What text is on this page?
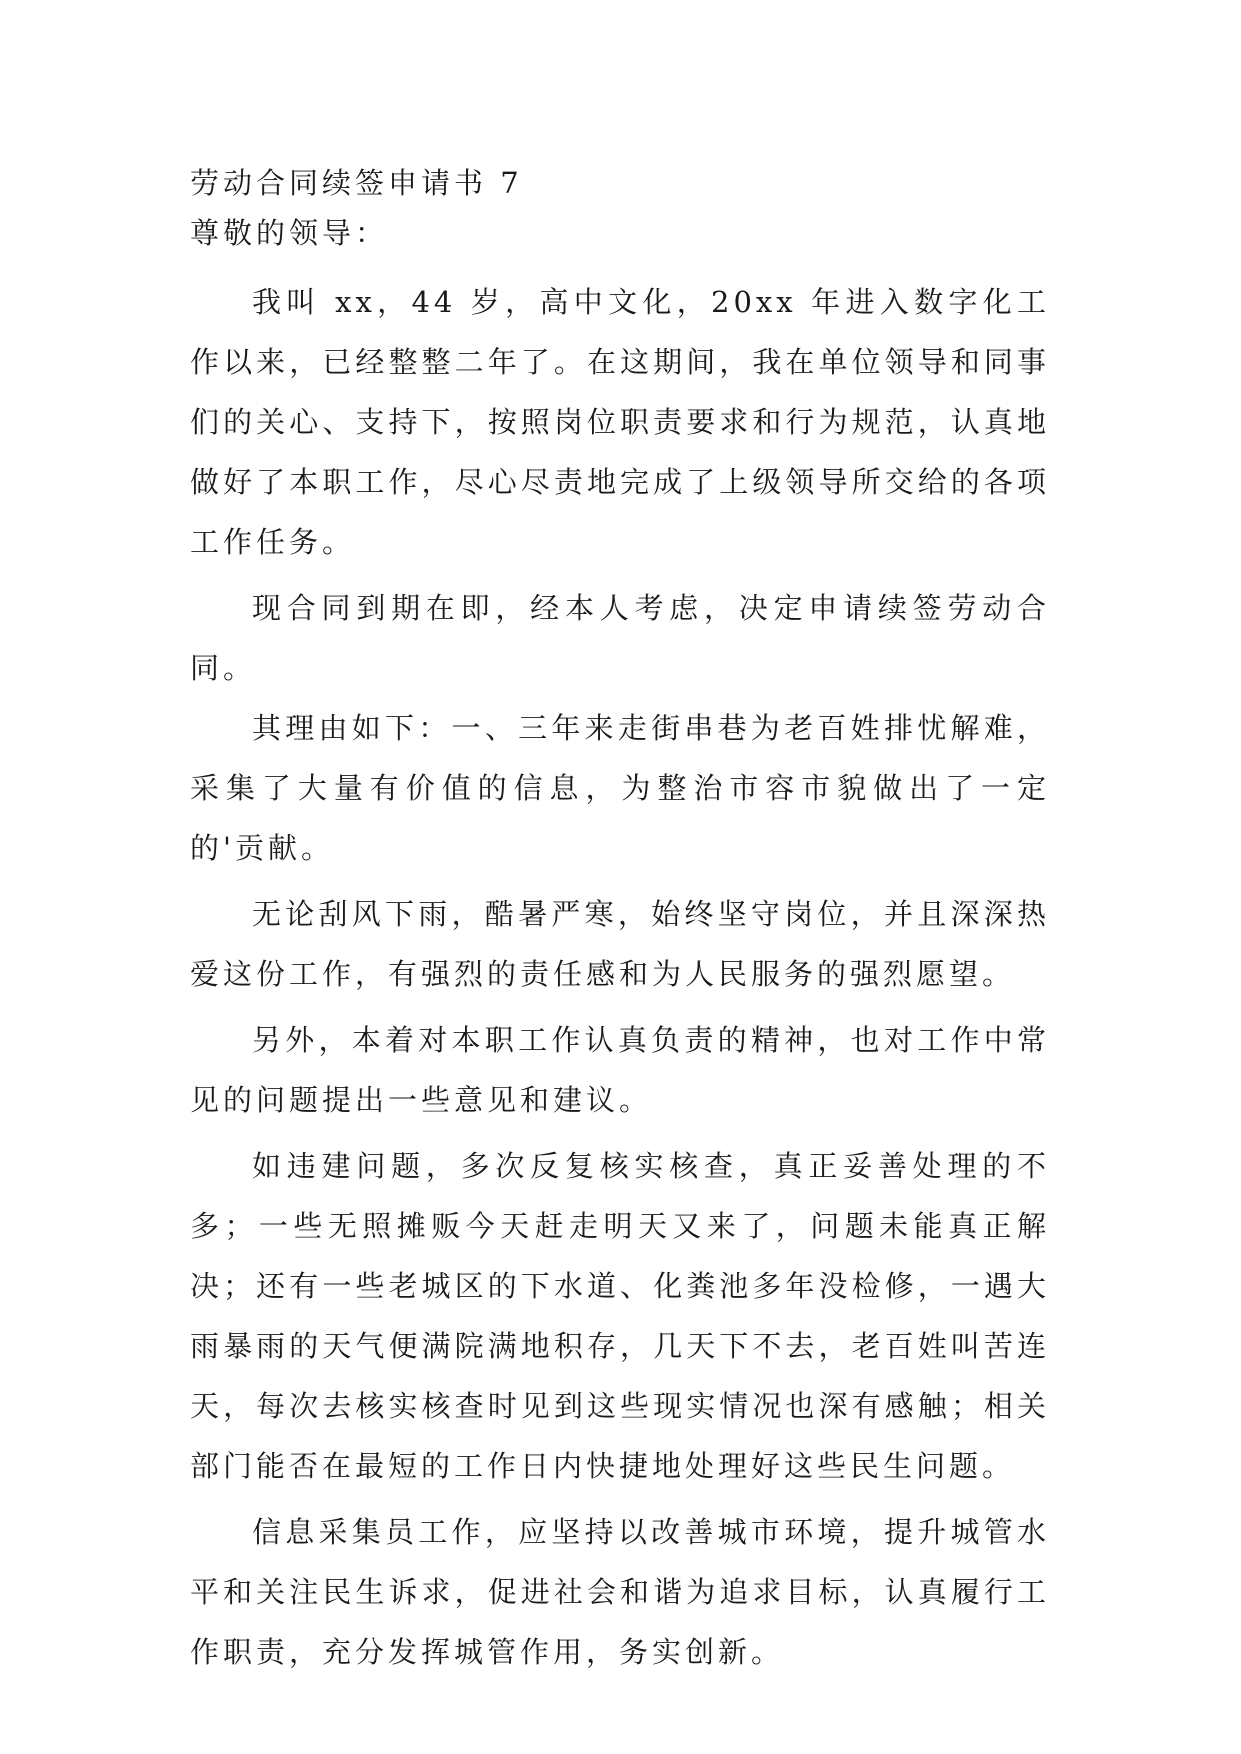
劳动合同续签申请书 7

尊敬的领导：

我叫 xx，44 岁，高中文化，20xx 年进入数字化工作以来，已经整整二年了。在这期间，我在单位领导和同事们的关心、支持下，按照岗位职责要求和行为规范，认真地做好了本职工作，尽心尽责地完成了上级领导所交给的各项工作任务。

现合同到期在即，经本人考虑，决定申请续签劳动合同。

其理由如下：一、三年来走街串巷为老百姓排忧解难，采集了大量有价值的信息，为整治市容市貌做出了一定的'贡献。

无论刮风下雨，酷暑严寒，始终坚守岗位，并且深深热爱这份工作，有强烈的责任感和为人民服务的强烈愿望。

另外，本着对本职工作认真负责的精神，也对工作中常见的问题提出一些意见和建议。

如违建问题，多次反复核实核查，真正妥善处理的不多；一些无照摊贩今天赶走明天又来了，问题未能真正解决；还有一些老城区的下水道、化粪池多年没检修，一遇大雨暴雨的天气便满院满地积存，几天下不去，老百姓叫苦连天，每次去核实核查时见到这些现实情况也深有感触；相关部门能否在最短的工作日内快捷地处理好这些民生问题。

信息采集员工作，应坚持以改善城市环境，提升城管水平和关注民生诉求，促进社会和谐为追求目标，认真履行工作职责，充分发挥城管作用，务实创新。
